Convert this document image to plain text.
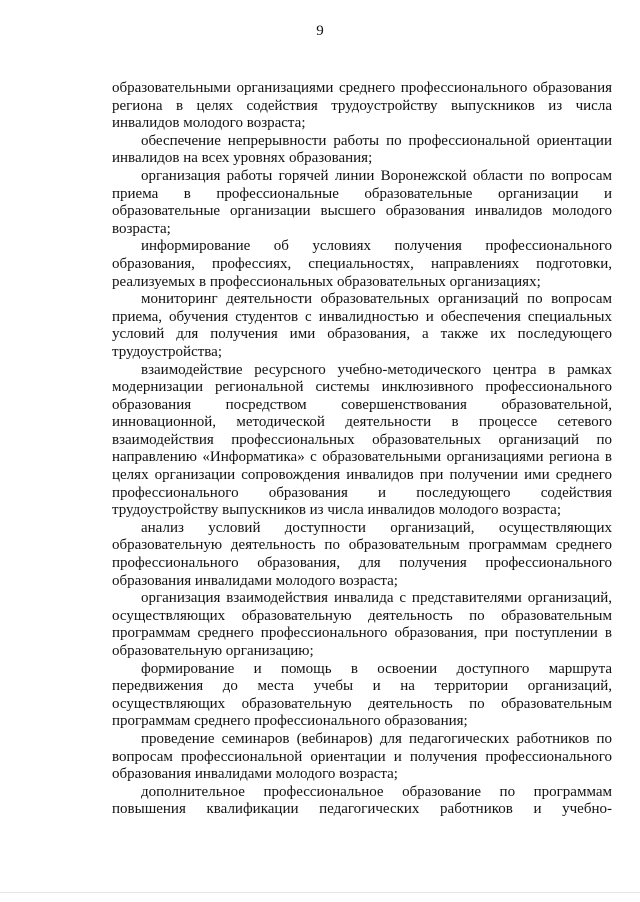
9

образовательными организациями среднего профессионального образования региона в целях содействия трудоустройству выпускников из числа инвалидов молодого возраста;

обеспечение непрерывности работы по профессиональной ориентации инвалидов на всех уровнях образования;

организация работы горячей линии Воронежской области по вопросам приема в профессиональные образовательные организации и образовательные организации высшего образования инвалидов молодого возраста;

информирование об условиях получения профессионального образования, профессиях, специальностях, направлениях подготовки, реализуемых в профессиональных образовательных организациях;

мониторинг деятельности образовательных организаций по вопросам приема, обучения студентов с инвалидностью и обеспечения специальных условий для получения ими образования, а также их последующего трудоустройства;

взаимодействие ресурсного учебно-методического центра в рамках модернизации региональной системы инклюзивного профессионального образования посредством совершенствования образовательной, инновационной, методической деятельности в процессе сетевого взаимодействия профессиональных образовательных организаций по направлению «Информатика» с образовательными организациями региона в целях организации сопровождения инвалидов при получении ими среднего профессионального образования и последующего содействия трудоустройству выпускников из числа инвалидов молодого возраста;

анализ условий доступности организаций, осуществляющих образовательную деятельность по образовательным программам среднего профессионального образования, для получения профессионального образования инвалидами молодого возраста;

организация взаимодействия инвалида с представителями организаций, осуществляющих образовательную деятельность по образовательным программам среднего профессионального образования, при поступлении в образовательную организацию;

формирование и помощь в освоении доступного маршрута передвижения до места учебы и на территории организаций, осуществляющих образовательную деятельность по образовательным программам среднего профессионального образования;

проведение семинаров (вебинаров) для педагогических работников по вопросам профессиональной ориентации и получения профессионального образования инвалидами молодого возраста;

дополнительное профессиональное образование по программам повышения квалификации педагогических работников и учебно-
